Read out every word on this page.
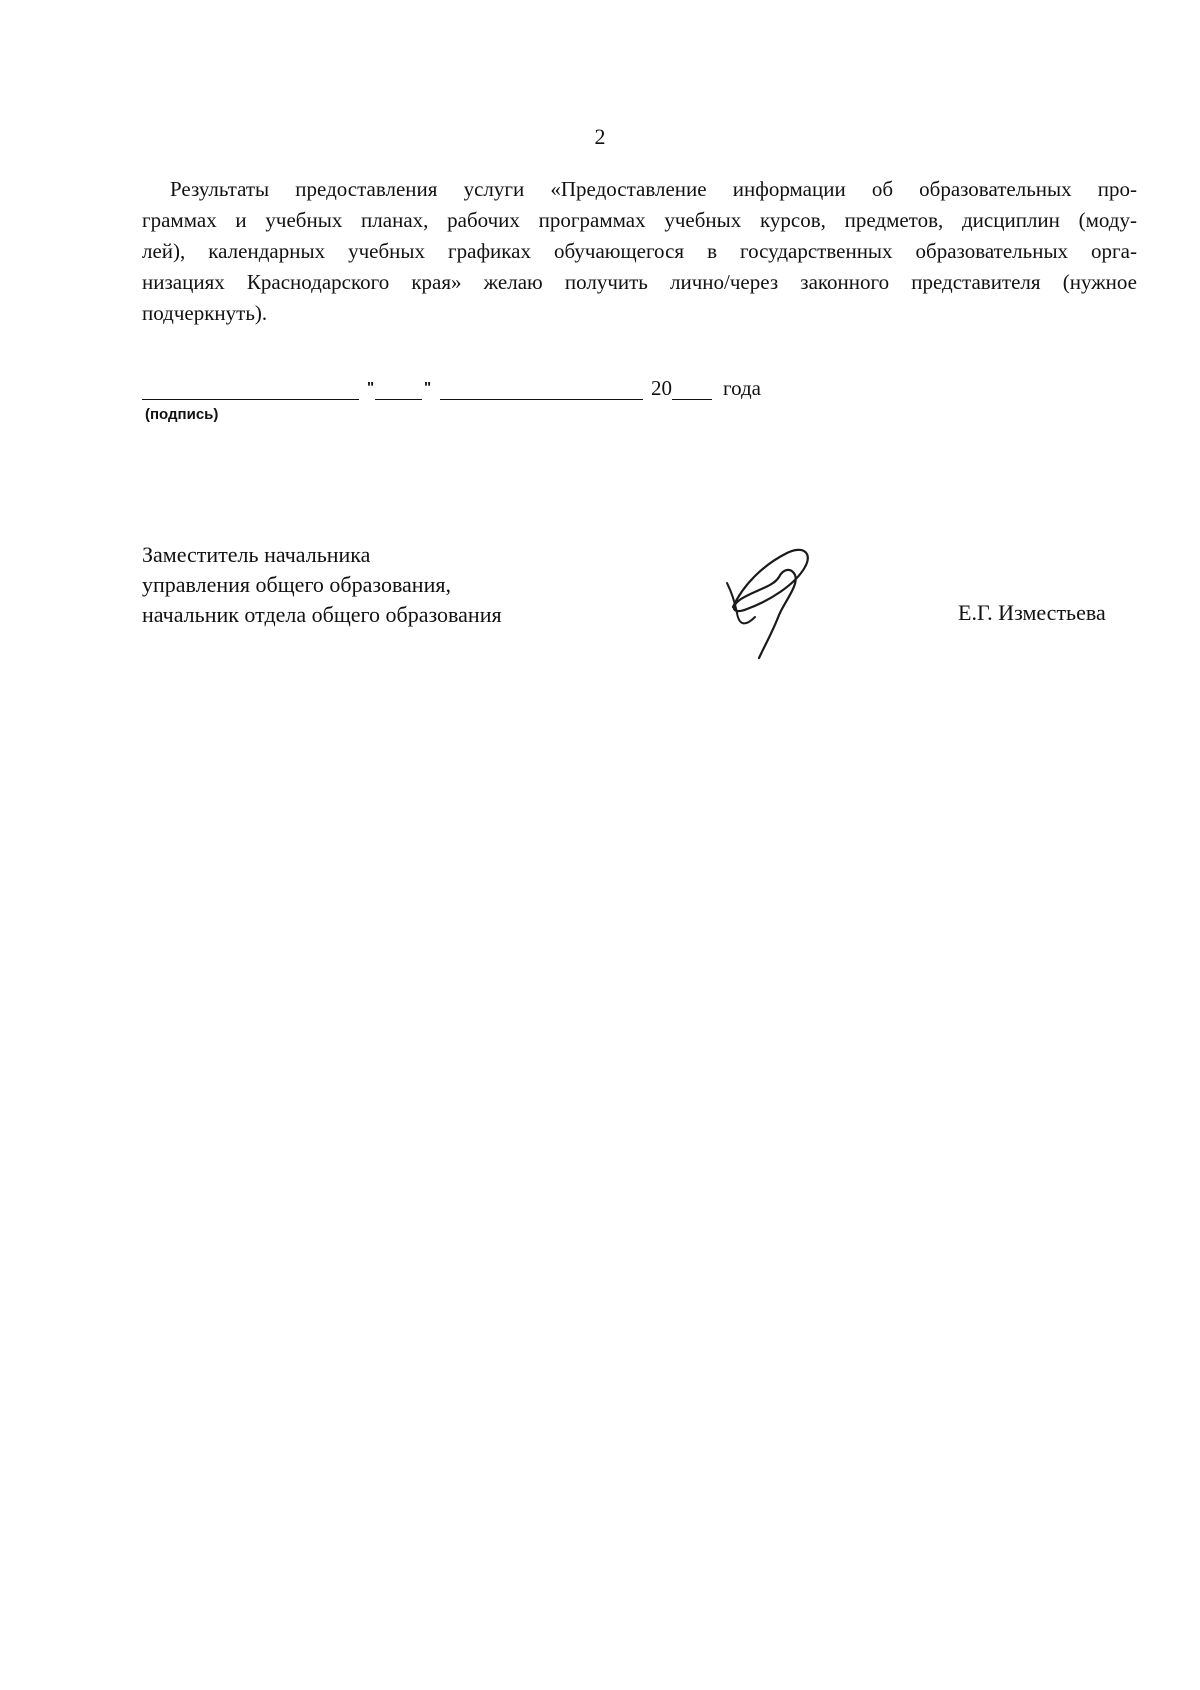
2
Результаты предоставления услуги «Предоставление информации об образовательных про-
граммах и учебных планах, рабочих программах учебных курсов, предметов, дисциплин (моду-
лей), календарных учебных графиках обучающегося в государственных образовательных орга-
низациях Краснодарского края» желаю получить лично/через законного представителя (нужное
подчеркнуть).
"	"	20 года
(подпись)
Заместитель начальника
управления общего образования,
начальник отдела общего образования	Е.Г. Изместьева
